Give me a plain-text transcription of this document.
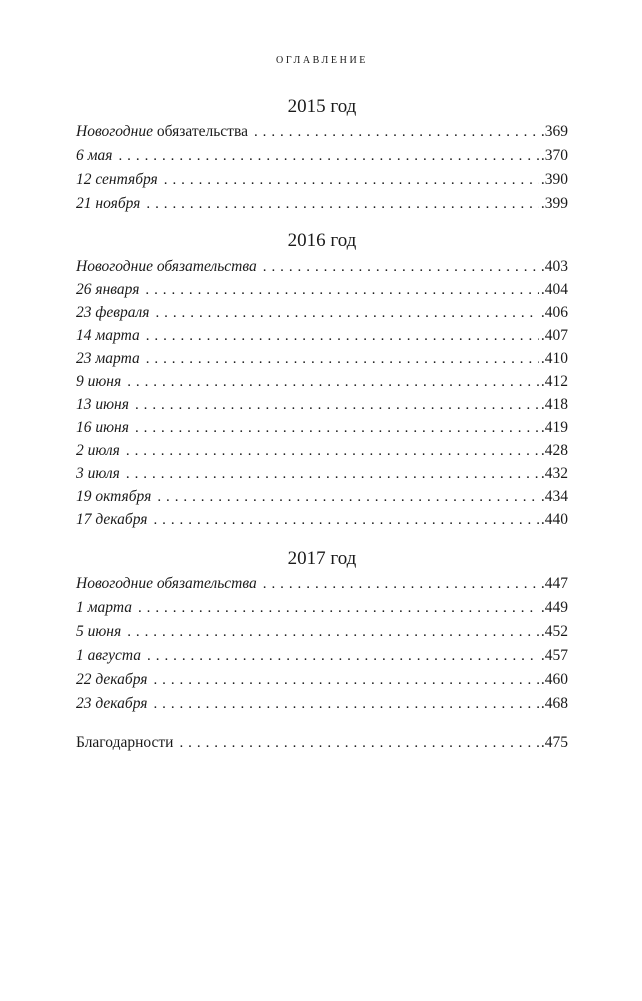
оглавление
2015 год
Новогодние обязательства . . .	.369
6 мая . . .	.370
12 сентября . . .	.390
21 ноября . . .	.399
2016 год
Новогодние обязательства . . .	.403
26 января . . .	.404
23 февраля . . .	.406
14 марта . . .	.407
23 марта . . .	.410
9 июня . . .	.412
13 июня . . .	.418
16 июня . . .	.419
2 июля . . .	.428
3 июля . . .	.432
19 октября . . .	.434
17 декабря . . .	.440
2017 год
Новогодние обязательства . . .	.447
1 марта . . .	.449
5 июня . . .	.452
1 августа . . .	.457
22 декабря . . .	.460
23 декабря . . .	.468
Благодарности . . .	.475
